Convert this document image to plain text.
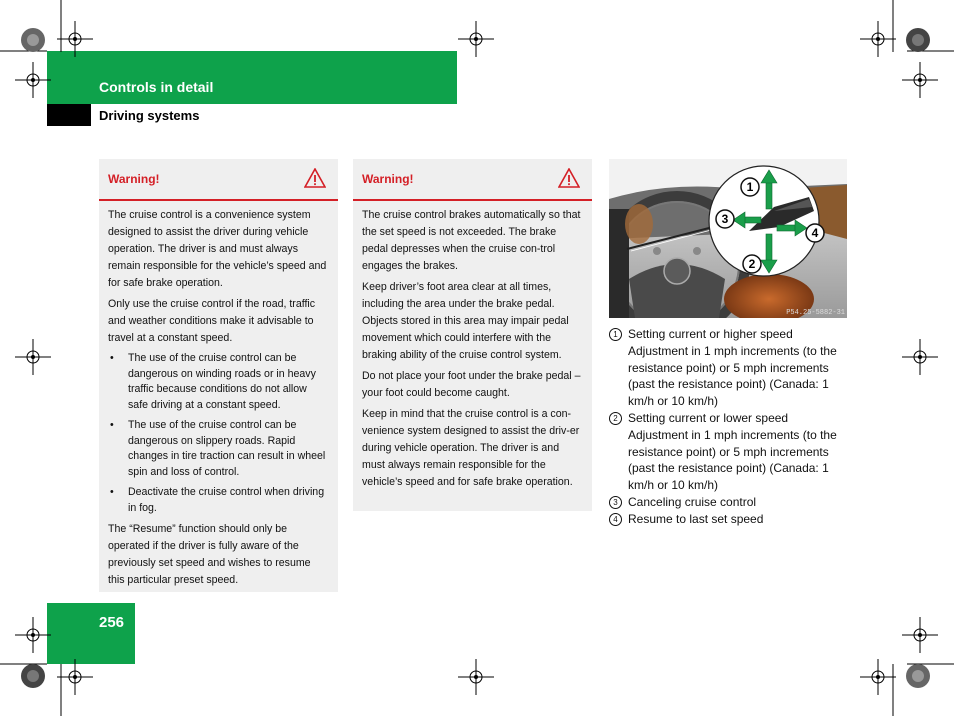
Controls in detail
Driving systems
Warning!

The cruise control is a convenience system designed to assist the driver during vehicle operation. The driver is and must always remain responsible for the vehicle’s speed and for safe brake operation.

Only use the cruise control if the road, traffic and weather conditions make it advisable to travel at a constant speed.

• The use of the cruise control can be dangerous on winding roads or in heavy traffic because conditions do not allow safe driving at a constant speed.
• The use of the cruise control can be dangerous on slippery roads. Rapid changes in tire traction can result in wheel spin and loss of control.
• Deactivate the cruise control when driving in fog.

The “Resume” function should only be operated if the driver is fully aware of the previously set speed and wishes to resume this particular preset speed.

Warning!

The cruise control brakes automatically so that the set speed is not exceeded. The brake pedal depresses when the cruise con-trol engages the brakes.

Keep driver’s foot area clear at all times, including the area under the brake pedal. Objects stored in this area may impair pedal movement which could interfere with the braking ability of the cruise control system.

Do not place your foot under the brake pedal – your foot could become caught.

Keep in mind that the cruise control is a con-venience system designed to assist the driv-er during vehicle operation. The driver is and must always remain responsible for the vehicle’s speed and for safe brake operation.

1
2
3
4
P54.25-5882-31
1 Setting current or higher speed
Adjustment in 1 mph increments (to the resistance point) or 5 mph increments (past the resistance point) (Canada: 1 km/h or 10 km/h)
2 Setting current or lower speed
Adjustment in 1 mph increments (to the resistance point) or 5 mph increments (past the resistance point) (Canada: 1 km/h or 10 km/h)
3 Canceling cruise control
4 Resume to last set speed
256
